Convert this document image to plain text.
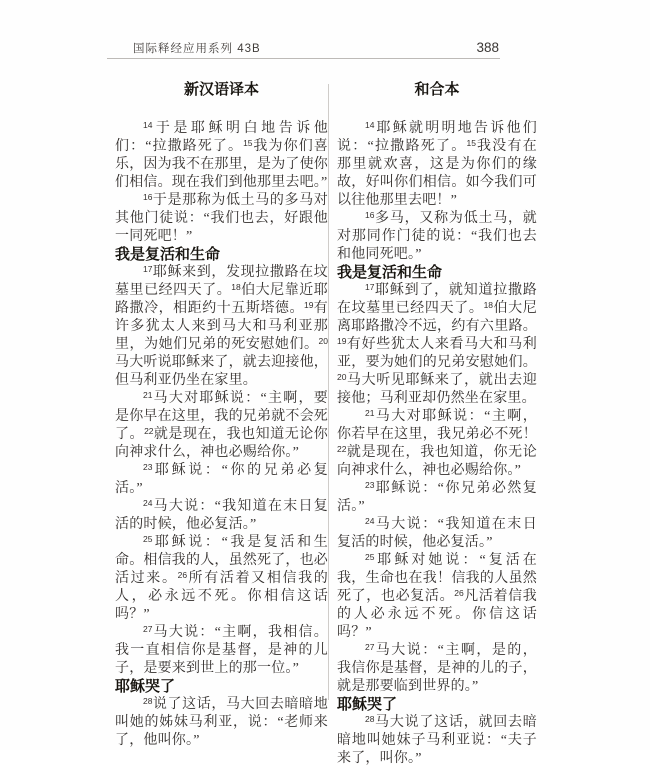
国际释经应用系列 43B	388
新汉语译本

$^{14}$于是耶稣明白地告诉他们：“拉撒路死了。$^{15}$我为你们喜乐，因为我不在那里，是为了使你们相信。现在我们到他那里去吧。”

$^{16}$于是那称为低土马的多马对其他门徒说：“我们也去，好跟他一同死吧！”

我是复活和生命

$^{17}$耶稣来到，发现拉撒路在坟墓里已经四天了。$^{18}$伯大尼靠近耶路撒冷，相距约十五斯塔德。$^{19}$有许多犹太人来到马大和马利亚那里，为她们兄弟的死安慰她们。$^{20}$马大听说耶稣来了，就去迎接他，但马利亚仍坐在家里。

$^{21}$马大对耶稣说：“主啊，要是你早在这里，我的兄弟就不会死了。$^{22}$就是现在，我也知道无论你向神求什么，神也必赐给你。”

$^{23}$耶稣说：“你的兄弟必复活。”

$^{24}$马大说：“我知道在末日复活的时候，他必复活。”

$^{25}$耶稣说：“我是复活和生命。相信我的人，虽然死了，也必活过来。$^{26}$所有活着又相信我的人，必永远不死。你相信这话吗？”

$^{27}$马大说：“主啊，我相信。我一直相信你是基督，是神的儿子，是要来到世上的那一位。”

耶稣哭了

$^{28}$说了这话，马大回去暗暗地叫她的姊妹马利亚，说：“老师来了，他叫你。”

和合本

$^{14}$耶稣就明明地告诉他们说：“拉撒路死了。$^{15}$我没有在那里就欢喜，这是为你们的缘故，好叫你们相信。如今我们可以往他那里去吧！”

$^{16}$多马，又称为低土马，就对那同作门徒的说：“我们也去和他同死吧。”

我是复活和生命

$^{17}$耶稣到了，就知道拉撒路在坟墓里已经四天了。$^{18}$伯大尼离耶路撒冷不远，约有六里路。$^{19}$有好些犹太人来看马大和马利亚，要为她们的兄弟安慰她们。$^{20}$马大听见耶稣来了，就出去迎接他；马利亚却仍然坐在家里。

$^{21}$马大对耶稣说：“主啊，你若早在这里，我兄弟必不死！$^{22}$就是现在，我也知道，你无论向神求什么，神也必赐给你。”

$^{23}$耶稣说：“你兄弟必然复活。”

$^{24}$马大说：“我知道在末日复活的时候，他必复活。”

$^{25}$耶稣对她说：“复活在我，生命也在我！信我的人虽然死了，也必复活。$^{26}$凡活着信我的人必永远不死。你信这话吗？”

$^{27}$马大说：“主啊，是的，我信你是基督，是神的儿的子，就是那要临到世界的。”

耶稣哭了

$^{28}$马大说了这话，就回去暗暗地叫她妹子马利亚说：“夫子来了，叫你。”
